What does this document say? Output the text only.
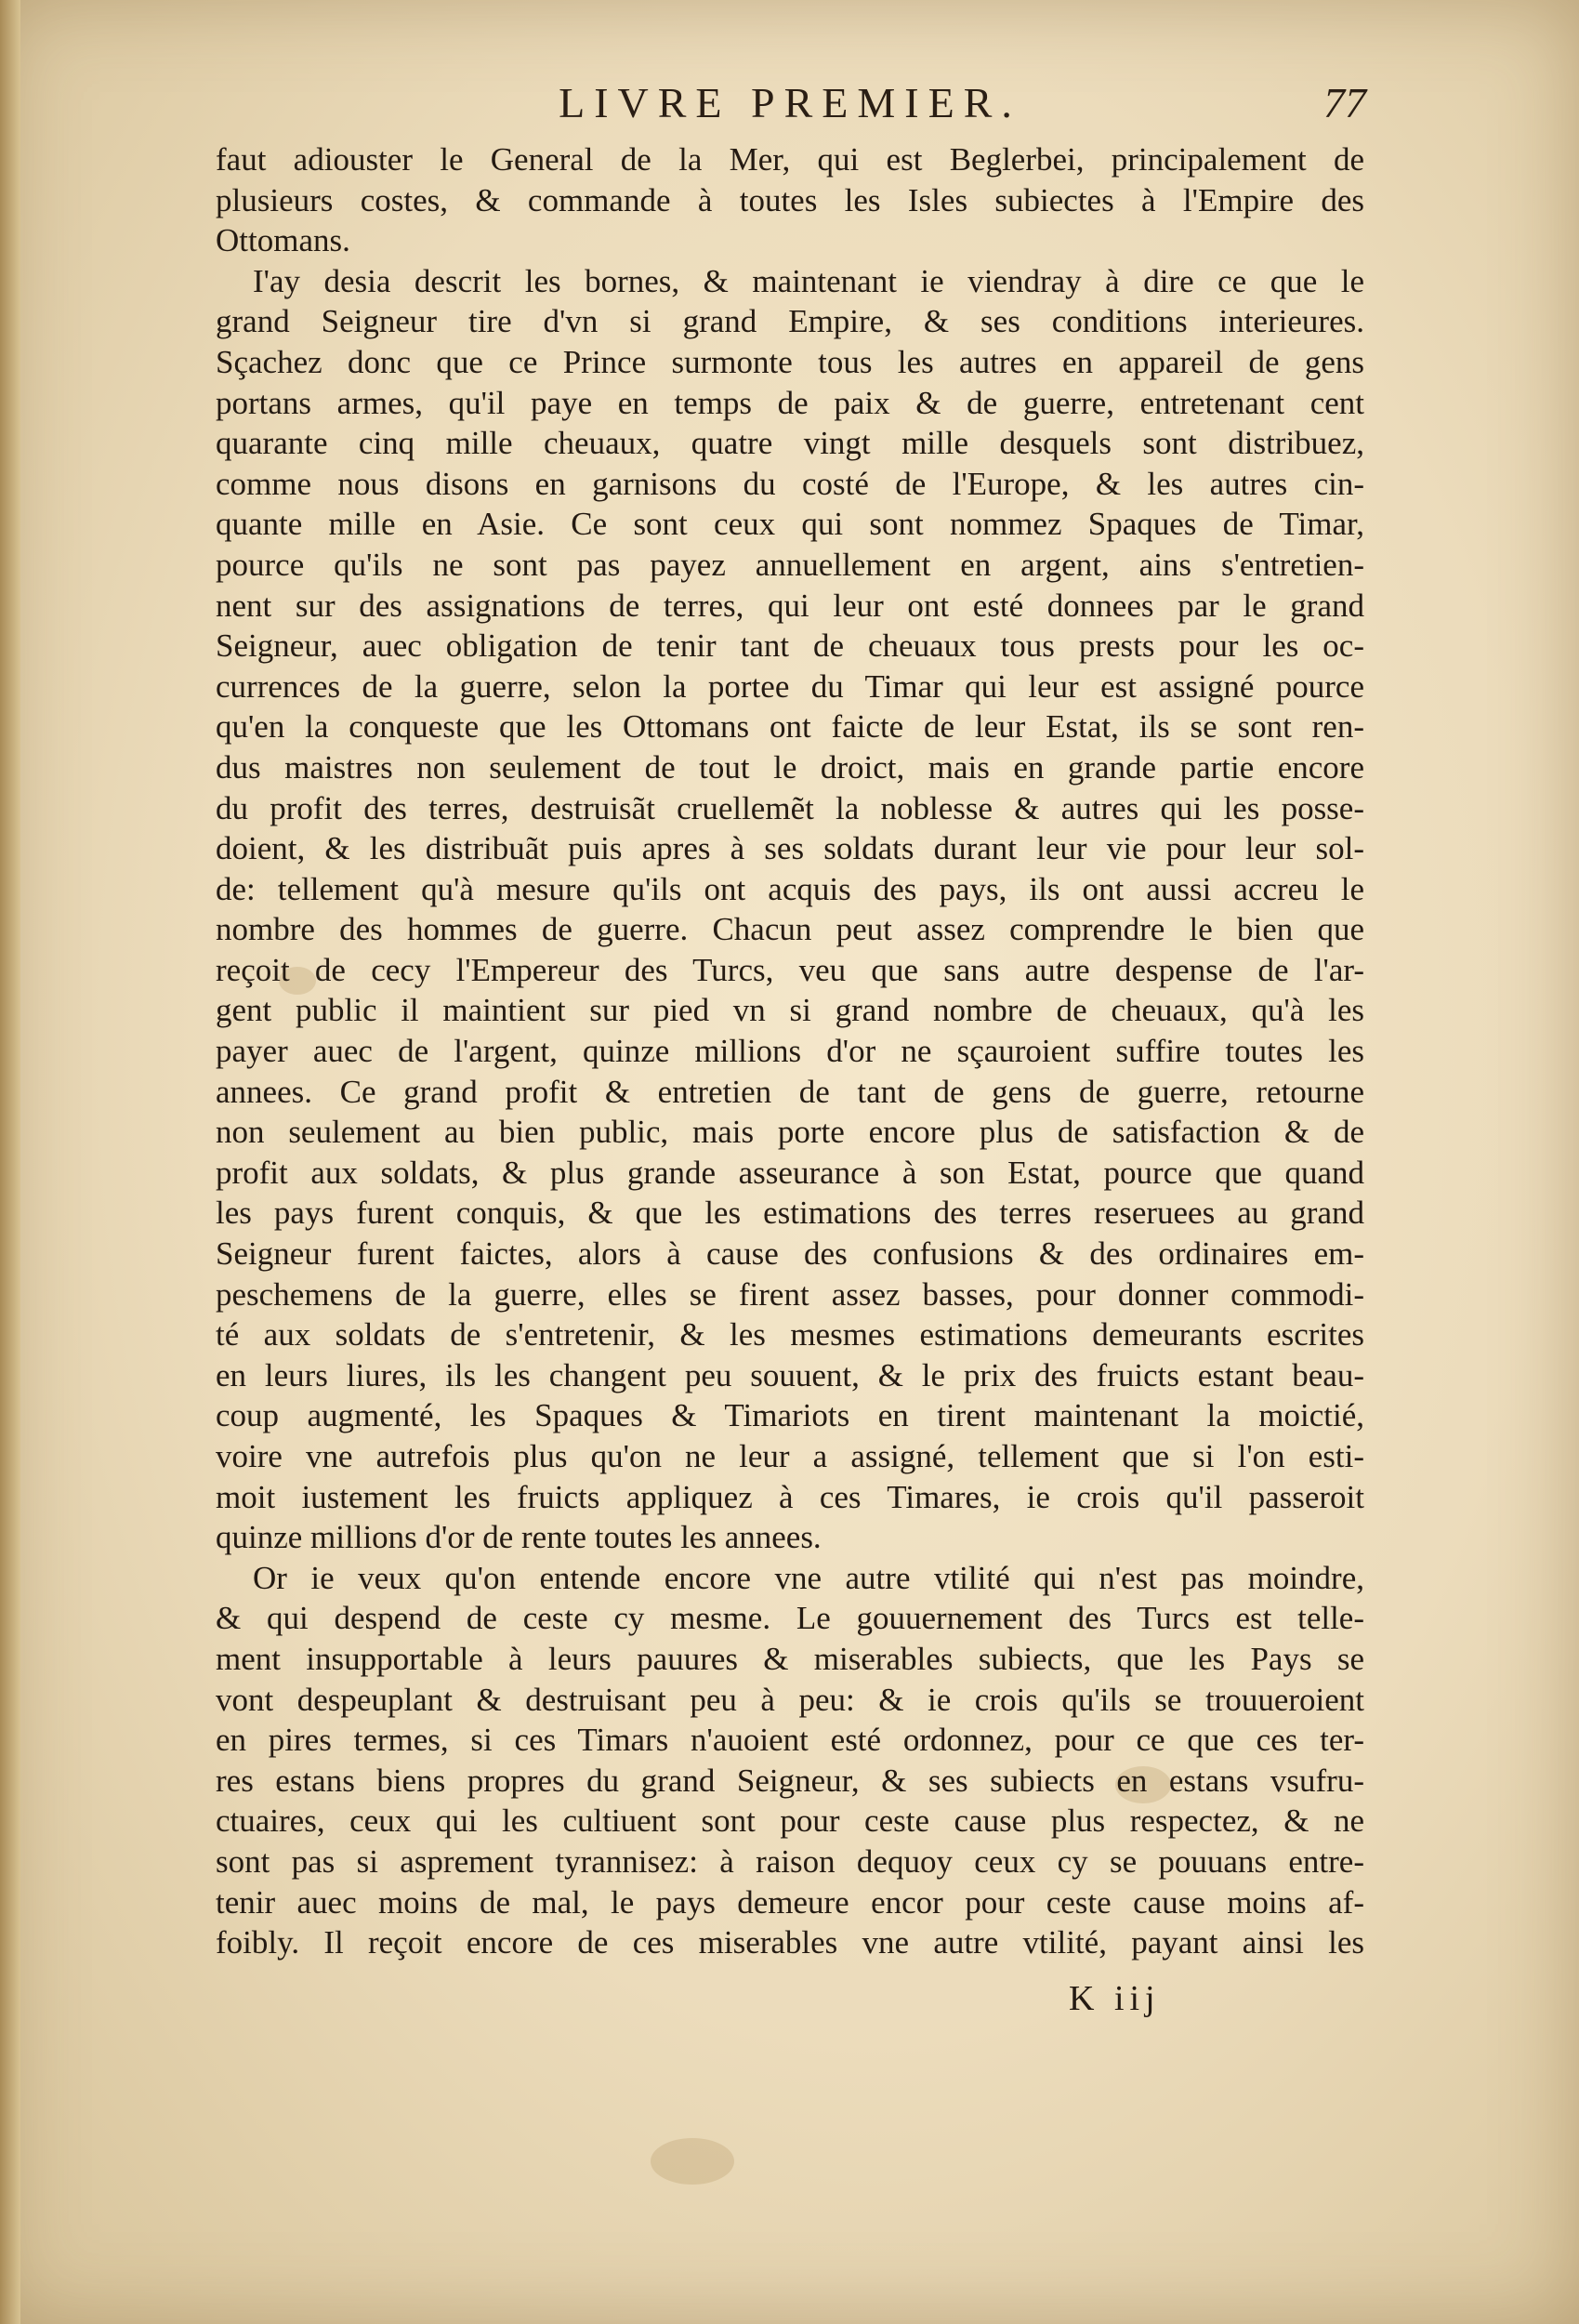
LIVRE PREMIER.	77
faut adiouster le General de la Mer, qui est Beglerbei, principalement de
plusieurs costes, & commande à toutes les Isles subiectes à l'Empire des
Ottomans.
I'ay desia descrit les bornes, & maintenant ie viendray à dire ce que le
grand Seigneur tire d'vn si grand Empire, & ses conditions interieures.
Sçachez donc que ce Prince surmonte tous les autres en appareil de gens
portans armes, qu'il paye en temps de paix & de guerre, entretenant cent
quarante cinq mille cheuaux, quatre vingt mille desquels sont distribuez,
comme nous disons en garnisons du costé de l'Europe, & les autres cin-
quante mille en Asie. Ce sont ceux qui sont nommez Spaques de Timar,
pource qu'ils ne sont pas payez annuellement en argent, ains s'entretien-
nent sur des assignations de terres, qui leur ont esté donnees par le grand
Seigneur, auec obligation de tenir tant de cheuaux tous prests pour les oc-
currences de la guerre, selon la portee du Timar qui leur est assigné pource
qu'en la conqueste que les Ottomans ont faicte de leur Estat, ils se sont ren-
dus maistres non seulement de tout le droict, mais en grande partie encore
du profit des terres, destruisãt cruellemẽt la noblesse & autres qui les posse-
doient, & les distribuãt puis apres à ses soldats durant leur vie pour leur sol-
de: tellement qu'à mesure qu'ils ont acquis des pays, ils ont aussi accreu le
nombre des hommes de guerre. Chacun peut assez comprendre le bien que
reçoit de cecy l'Empereur des Turcs, veu que sans autre despense de l'ar-
gent public il maintient sur pied vn si grand nombre de cheuaux, qu'à les
payer auec de l'argent, quinze millions d'or ne sçauroient suffire toutes les
annees. Ce grand profit & entretien de tant de gens de guerre, retourne
non seulement au bien public, mais porte encore plus de satisfaction & de
profit aux soldats, & plus grande asseurance à son Estat, pource que quand
les pays furent conquis, & que les estimations des terres reseruees au grand
Seigneur furent faictes, alors à cause des confusions & des ordinaires em-
peschemens de la guerre, elles se firent assez basses, pour donner commodi-
té aux soldats de s'entretenir, & les mesmes estimations demeurants escrites
en leurs liures, ils les changent peu souuent, & le prix des fruicts estant beau-
coup augmenté, les Spaques & Timariots en tirent maintenant la moictié,
voire vne autrefois plus qu'on ne leur a assigné, tellement que si l'on esti-
moit iustement les fruicts appliquez à ces Timares, ie crois qu'il passeroit
quinze millions d'or de rente toutes les annees.
Or ie veux qu'on entende encore vne autre vtilité qui n'est pas moindre,
& qui despend de ceste cy mesme. Le gouuernement des Turcs est telle-
ment insupportable à leurs pauures & miserables subiects, que les Pays se
vont despeuplant & destruisant peu à peu: & ie crois qu'ils se trouueroient
en pires termes, si ces Timars n'auoient esté ordonnez, pour ce que ces ter-
res estans biens propres du grand Seigneur, & ses subiects en estans vsufru-
ctuaires, ceux qui les cultiuent sont pour ceste cause plus respectez, & ne
sont pas si asprement tyrannisez: à raison dequoy ceux cy se pouuans entre-
tenir auec moins de mal, le pays demeure encor pour ceste cause moins af-
foibly. Il reçoit encore de ces miserables vne autre vtilité, payant ainsi les
K iij
